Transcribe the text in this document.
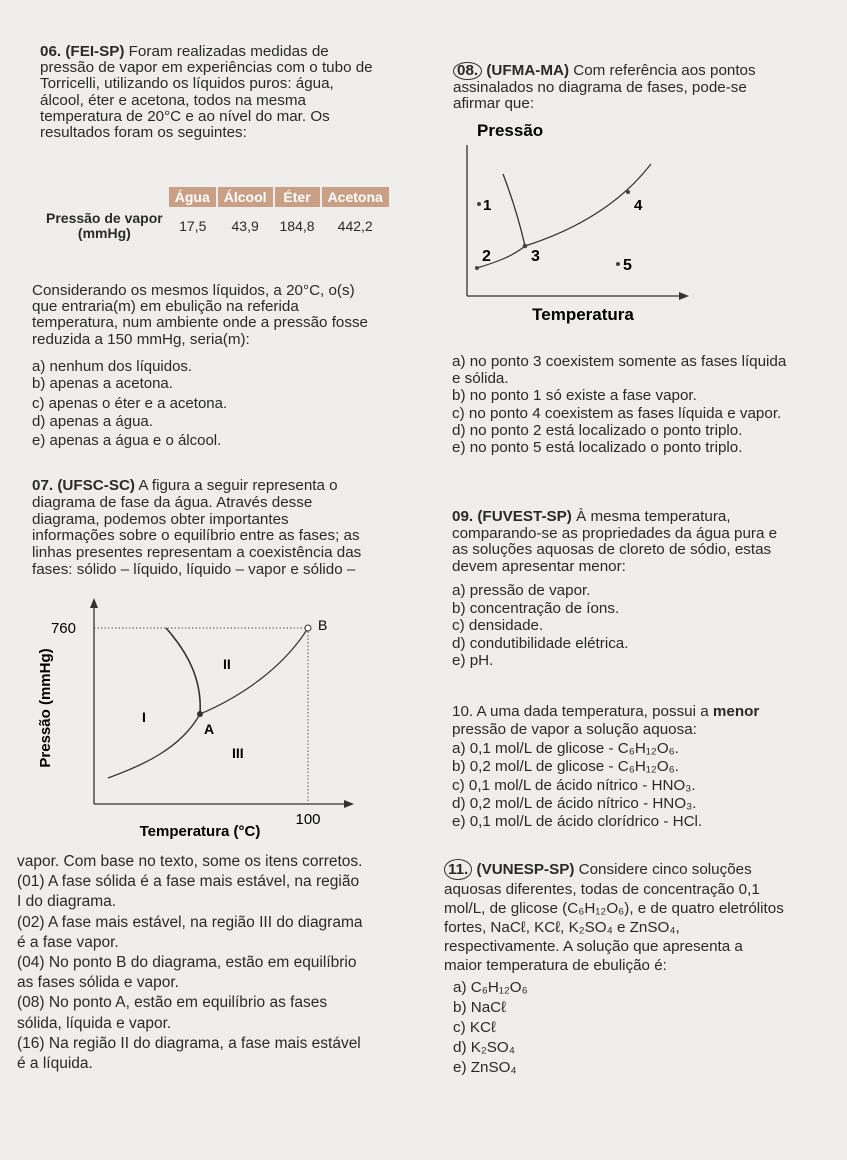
06. (FEI-SP) Foram realizadas medidas de

pressão de vapor em experiências com o tubo de

Torricelli, utilizando os líquidos puros: água,

álcool, éter e acetona, todos na mesma

temperatura de 20°C e ao nível do mar. Os

resultados foram os seguintes:

	Água	Álcool	Éter	Acetona

Pressão de vapor
(mmHg)	17,5	43,9	184,8	442,2

Considerando os mesmos líquidos, a 20°C, o(s)

que entraria(m) em ebulição na referida

temperatura, num ambiente onde a pressão fosse

reduzida a 150 mmHg, seria(m):

a) nenhum dos líquidos.
b) apenas a acetona.
c) apenas o éter e a acetona.
d) apenas a água.
e) apenas a água e o álcool.

07. (UFSC-SC) A figura a seguir representa o

diagrama de fase da água. Através desse

diagrama, podemos obter importantes

informações sobre o equilíbrio entre as fases; as

linhas presentes representam a coexistência das

fases: sólido – líquido, líquido – vapor e sólido –

760
100
Pressão (mmHg)
Temperatura (°C)
A
B
I
II
III

vapor. Com base no texto, some os itens corretos.

(01) A fase sólida é a fase mais estável, na região

I do diagrama.

(02) A fase mais estável, na região III do diagrama

é a fase vapor.

(04) No ponto B do diagrama, estão em equilíbrio

as fases sólida e vapor.

(08) No ponto A, estão em equilíbrio as fases

sólida, líquida e vapor.

(16) Na região II do diagrama, a fase mais estável

é a líquida.

08. (UFMA-MA) Com referência aos pontos

assinalados no diagrama de fases, pode-se

afirmar que:

Pressão
Temperatura
1
2	3
4
5

a) no ponto 3 coexistem somente as fases líquida

e sólida.

b) no ponto 1 só existe a fase vapor.

c) no ponto 4 coexistem as fases líquida e vapor.

d) no ponto 2 está localizado o ponto triplo.

e) no ponto 5 está localizado o ponto triplo.

09. (FUVEST-SP) À mesma temperatura,

comparando-se as propriedades da água pura e

as soluções aquosas de cloreto de sódio, estas

devem apresentar menor:

a) pressão de vapor.

b) concentração de íons.

c) densidade.

d) condutibilidade elétrica.

e) pH.

10. A uma dada temperatura, possui a menor

pressão de vapor a solução aquosa:

a) 0,1 mol/L de glicose - C₆H₁₂O₆.

b) 0,2 mol/L de glicose - C₆H₁₂O₆.

c) 0,1 mol/L de ácido nítrico - HNO₃.

d) 0,2 mol/L de ácido nítrico - HNO₃.

e) 0,1 mol/L de ácido clorídrico - HCl.

11. (VUNESP-SP) Considere cinco soluções

aquosas diferentes, todas de concentração 0,1

mol/L, de glicose (C₆H₁₂O₆), e de quatro eletrólitos

fortes, NaCℓ, KCℓ, K₂SO₄ e ZnSO₄,

respectivamente. A solução que apresenta a

maior temperatura de ebulição é:

a) C₆H₁₂O₆

b) NaCℓ

c) KCℓ

d) K₂SO₄

e) ZnSO₄
